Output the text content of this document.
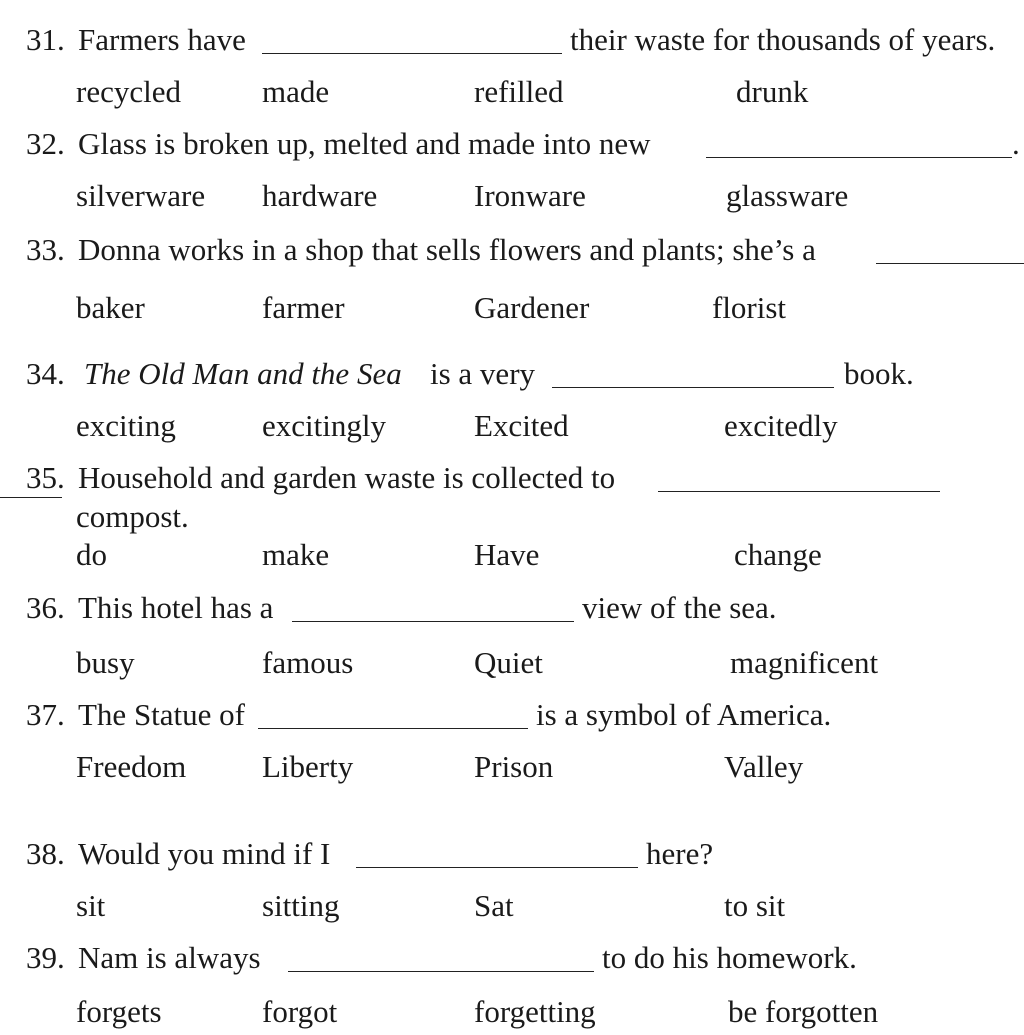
31. Farmers have	their waste for thousands of years.
recycled	made	refilled	drunk
32. Glass is broken up, melted and made into new	.
silverware hardware	Ironware	glassware
33. Donna works in a shop that sells flowers and plants; she’s a
baker	farmer	Gardener	florist
34. The Old Man and the Sea is a very	book.
exciting	excitingly	Excited	excitedly
35. Household and garden waste is collected to
compost.
do	make	Have	change
36. This hotel has a	view of the sea.
busy	famous	Quiet	magnificent
37. The Statue of	is a symbol of America.
Freedom Liberty	Prison	Valley
38. Would you mind if I	here?
sit	sitting	Sat	to sit
39. Nam is always	to do his homework.
forgets	forgot	forgetting	be forgotten
